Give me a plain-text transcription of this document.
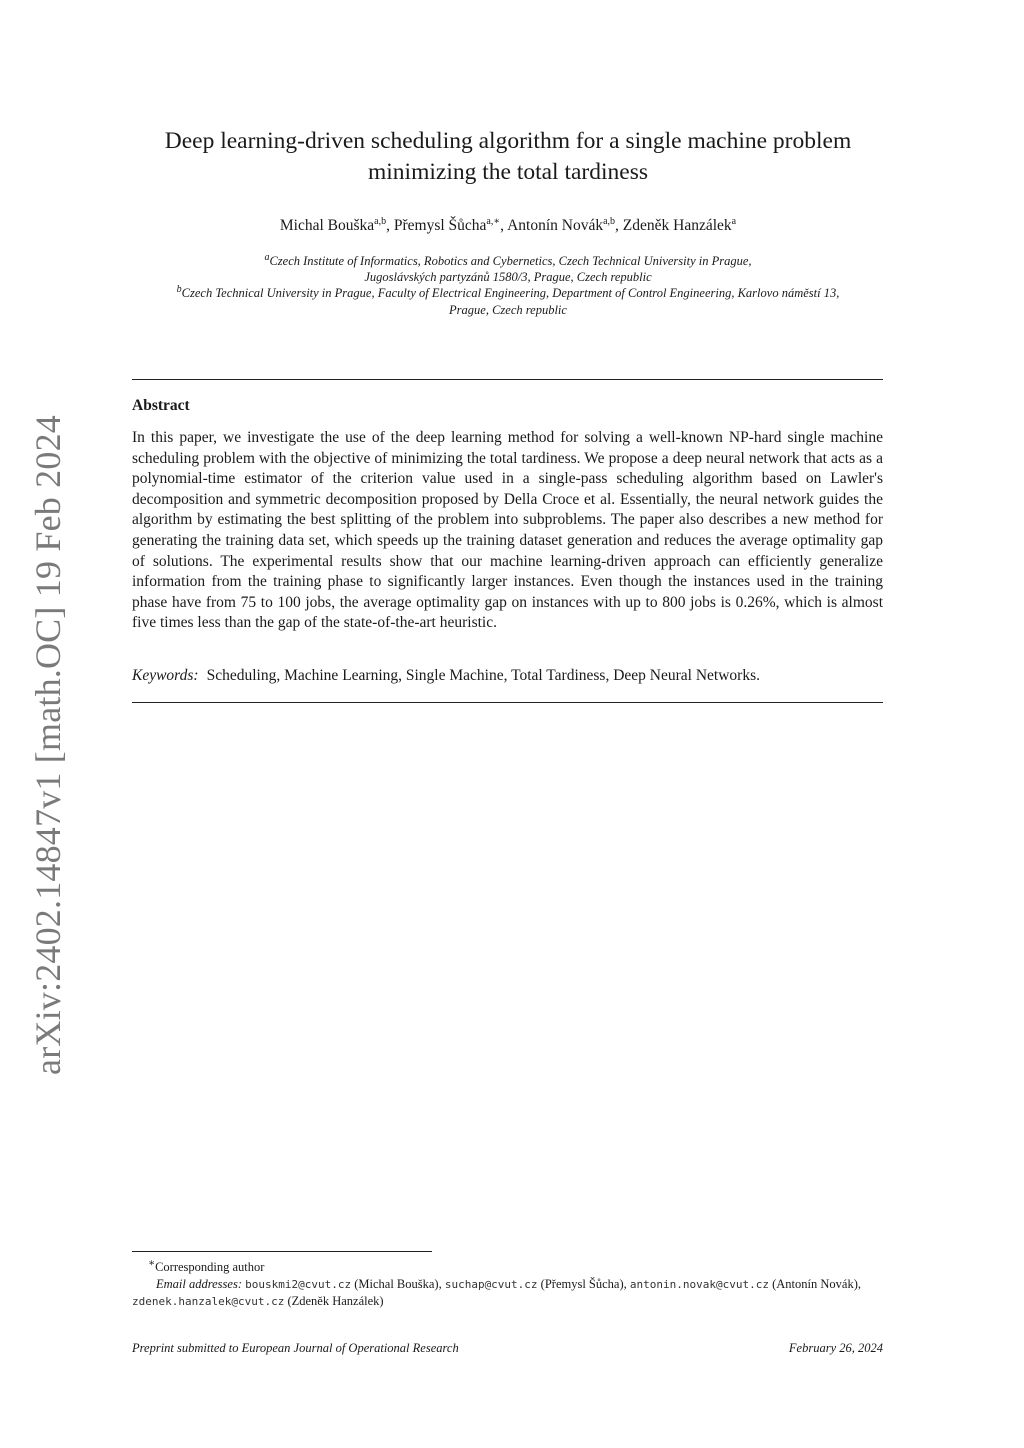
arXiv:2402.14847v1 [math.OC] 19 Feb 2024
Deep learning-driven scheduling algorithm for a single machine problem
minimizing the total tardiness
Michal Bouška$^{a,b}$, Přemysl Šůcha$^{a,∗}$, Antonín Novák$^{a,b}$, Zdeněk Hanzálek$^a$
$^a$Czech Institute of Informatics, Robotics and Cybernetics, Czech Technical University in Prague,
Jugoslávských partyzánů 1580/3, Prague, Czech republic
$^b$Czech Technical University in Prague, Faculty of Electrical Engineering, Department of Control Engineering, Karlovo náměstí 13,
Prague, Czech republic
Abstract
In this paper, we investigate the use of the deep learning method for solving a well-known NP-hard single machine scheduling problem with the objective of minimizing the total tardiness. We propose a deep neural network that acts as a polynomial-time estimator of the criterion value used in a single-pass scheduling algorithm based on Lawler's decomposition and symmetric decomposition proposed by Della Croce et al. Essentially, the neural network guides the algorithm by estimating the best splitting of the problem into subproblems. The paper also describes a new method for generating the training data set, which speeds up the training dataset generation and reduces the average optimality gap of solutions. The experimental results show that our machine learning-driven approach can efficiently generalize information from the training phase to significantly larger instances. Even though the instances used in the training phase have from 75 to 100 jobs, the average optimality gap on instances with up to 800 jobs is 0.26%, which is almost five times less than the gap of the state-of-the-art heuristic.
Keywords: Scheduling, Machine Learning, Single Machine, Total Tardiness, Deep Neural Networks.
∗Corresponding author
Email addresses: bouskmi2@cvut.cz (Michal Bouška), suchap@cvut.cz (Přemysl Šůcha), antonin.novak@cvut.cz (Antonín Novák), zdenek.hanzalek@cvut.cz (Zdeněk Hanzálek)
Preprint submitted to European Journal of Operational Research	February 26, 2024
